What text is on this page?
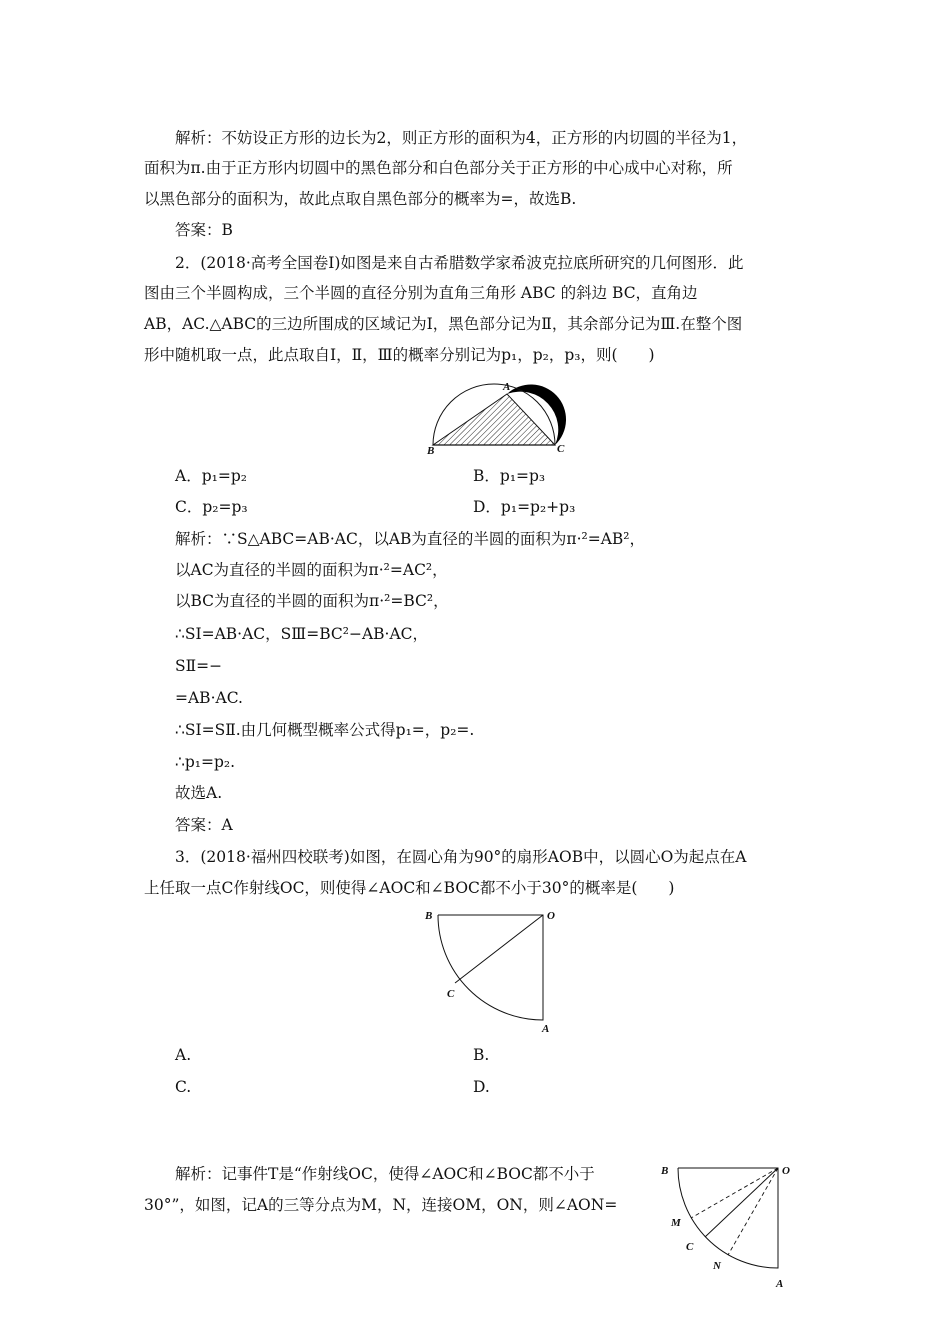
解析：不妨设正方形的边长为2，则正方形的面积为4，正方形的内切圆的半径为1，
面积为π.由于正方形内切圆中的黑色部分和白色部分关于正方形的中心成中心对称，所
以黑色部分的面积为，故此点取自黑色部分的概率为=，故选B.
答案：B
2．(2018·高考全国卷Ⅰ)如图是来自古希腊数学家希波克拉底所研究的几何图形．此
图由三个半圆构成，三个半圆的直径分别为直角三角形 ABC 的斜边 BC，直角边
AB，AC.△ABC的三边所围成的区域记为Ⅰ，黑色部分记为Ⅱ，其余部分记为Ⅲ.在整个图
形中随机取一点，此点取自Ⅰ，Ⅱ，Ⅲ的概率分别记为p₁，p₂，p₃，则(　　)
A
B	C
A．p₁=p₂	B．p₁=p₃
C．p₂=p₃	D．p₁=p₂+p₃
解析：∵S△ABC=AB·AC，以AB为直径的半圆的面积为π·²=AB²，
以AC为直径的半圆的面积为π·²=AC²，
以BC为直径的半圆的面积为π·²=BC²，
∴SⅠ=AB·AC，SⅢ=BC²−AB·AC，
SⅡ=−
=AB·AC.
∴SⅠ=SⅡ.由几何概型概率公式得p₁=，p₂=.
∴p₁=p₂.
故选A.
答案：A
3．(2018·福州四校联考)如图，在圆心角为90°的扇形AOB中，以圆心O为起点在A
上任取一点C作射线OC，则使得∠AOC和∠BOC都不小于30°的概率是(　　)
B	O
C
A
A.	B.
C.	D.
解析：记事件T是“作射线OC，使得∠AOC和∠BOC都不小于
30°”，如图，记A的三等分点为M，N，连接OM，ON，则∠AON=
B	O
M
C
N
A
